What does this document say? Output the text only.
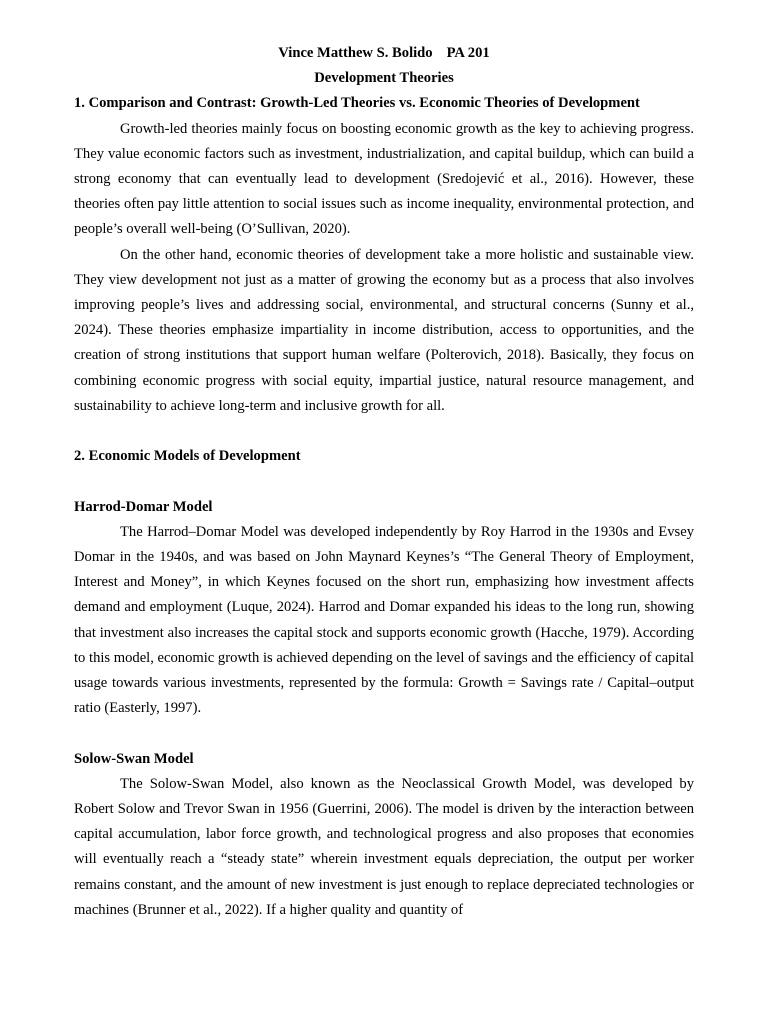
Vince Matthew S. Bolido PA 201

Development Theories

1. Comparison and Contrast: Growth-Led Theories vs. Economic Theories of Development

Growth-led theories mainly focus on boosting economic growth as the key to achieving progress. They value economic factors such as investment, industrialization, and capital buildup, which can build a strong economy that can eventually lead to development (Sredojević et al., 2016). However, these theories often pay little attention to social issues such as income inequality, environmental protection, and people’s overall well-being (O’Sullivan, 2020).

On the other hand, economic theories of development take a more holistic and sustainable view. They view development not just as a matter of growing the economy but as a process that also involves improving people’s lives and addressing social, environmental, and structural concerns (Sunny et al., 2024). These theories emphasize impartiality in income distribution, access to opportunities, and the creation of strong institutions that support human welfare (Polterovich, 2018). Basically, they focus on combining economic progress with social equity, impartial justice, natural resource management, and sustainability to achieve long-term and inclusive growth for all.

2. Economic Models of Development

Harrod-Domar Model

The Harrod–Domar Model was developed independently by Roy Harrod in the 1930s and Evsey Domar in the 1940s, and was based on John Maynard Keynes’s “The General Theory of Employment, Interest and Money”, in which Keynes focused on the short run, emphasizing how investment affects demand and employment (Luque, 2024). Harrod and Domar expanded his ideas to the long run, showing that investment also increases the capital stock and supports economic growth (Hacche, 1979). According to this model, economic growth is achieved depending on the level of savings and the efficiency of capital usage towards various investments, represented by the formula: Growth = Savings rate / Capital–output ratio (Easterly, 1997).

Solow-Swan Model

The Solow-Swan Model, also known as the Neoclassical Growth Model, was developed by Robert Solow and Trevor Swan in 1956 (Guerrini, 2006). The model is driven by the interaction between capital accumulation, labor force growth, and technological progress and also proposes that economies will eventually reach a “steady state” wherein investment equals depreciation, the output per worker remains constant, and the amount of new investment is just enough to replace depreciated technologies or machines (Brunner et al., 2022). If a higher quality and quantity of
